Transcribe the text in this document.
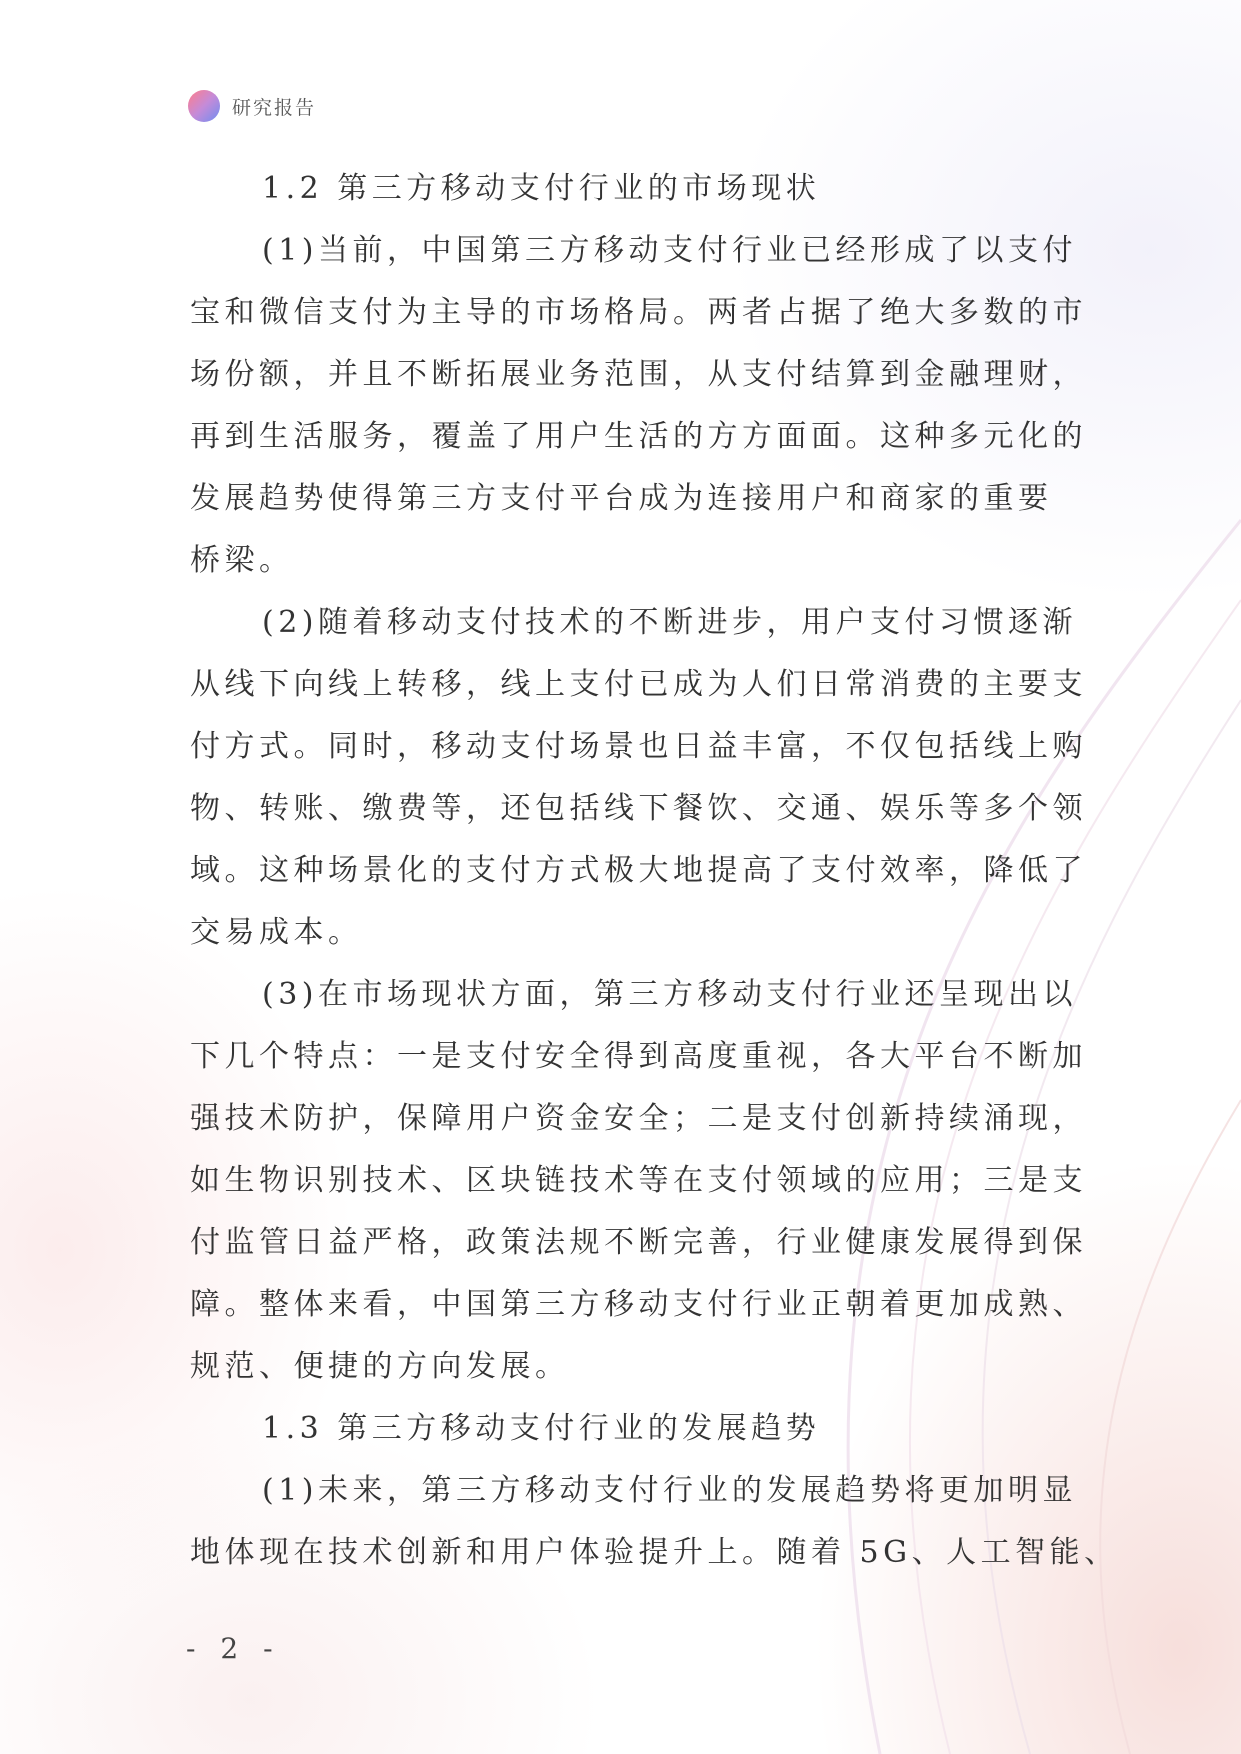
研究报告
1.2 第三方移动支付行业的市场现状
(1)当前，中国第三方移动支付行业已经形成了以支付
宝和微信支付为主导的市场格局。两者占据了绝大多数的市
场份额，并且不断拓展业务范围，从支付结算到金融理财，
再到生活服务，覆盖了用户生活的方方面面。这种多元化的
发展趋势使得第三方支付平台成为连接用户和商家的重要
桥梁。
(2)随着移动支付技术的不断进步，用户支付习惯逐渐
从线下向线上转移，线上支付已成为人们日常消费的主要支
付方式。同时，移动支付场景也日益丰富，不仅包括线上购
物、转账、缴费等，还包括线下餐饮、交通、娱乐等多个领
域。这种场景化的支付方式极大地提高了支付效率，降低了
交易成本。
(3)在市场现状方面，第三方移动支付行业还呈现出以
下几个特点：一是支付安全得到高度重视，各大平台不断加
强技术防护，保障用户资金安全；二是支付创新持续涌现，
如生物识别技术、区块链技术等在支付领域的应用；三是支
付监管日益严格，政策法规不断完善，行业健康发展得到保
障。整体来看，中国第三方移动支付行业正朝着更加成熟、
规范、便捷的方向发展。
1.3 第三方移动支付行业的发展趋势
(1)未来，第三方移动支付行业的发展趋势将更加明显
地体现在技术创新和用户体验提升上。随着 5G、人工智能、
- 2 -
